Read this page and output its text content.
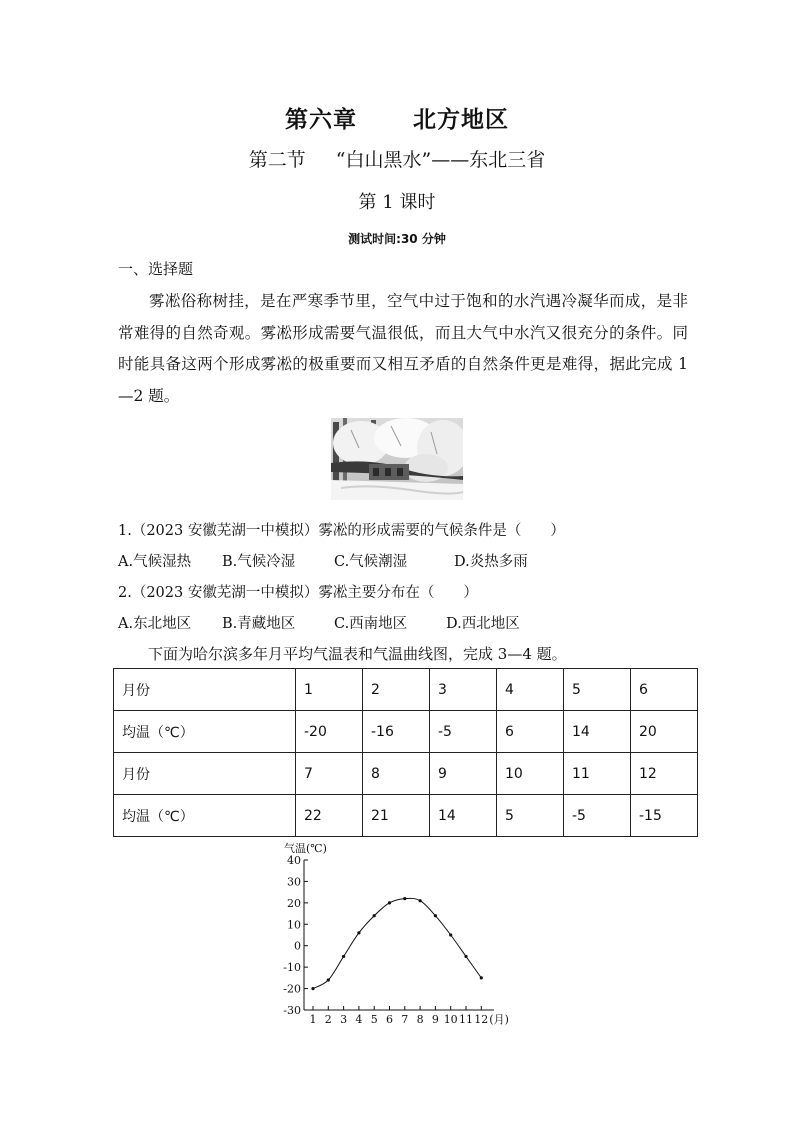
第六章 北方地区
第二节 “白山黑水”——东北三省
第 1 课时
测试时间:30 分钟
一、选择题
雾凇俗称树挂，是在严寒季节里，空气中过于饱和的水汽遇冷凝华而成，是非常难得的自然奇观。雾凇形成需要气温很低，而且大气中水汽又很充分的条件。同时能具备这两个形成雾凇的极重要而又相互矛盾的自然条件更是难得，据此完成 1—2 题。
1.（2023 安徽芜湖一中模拟）雾凇的形成需要的气候条件是（　　）
A.气候湿热 B.气候冷湿	C.气候潮湿	D.炎热多雨
2.（2023 安徽芜湖一中模拟）雾凇主要分布在（　　）
A.东北地区 B.青藏地区	C.西南地区	D.西北地区
下面为哈尔滨多年月平均气温表和气温曲线图，完成 3—4 题。
月份	1	2	3	4	5	6
均温（℃）	-20	-16	-5	6	14	20
月份	7	8	9	10	11	12
均温（℃）	22	21	14	5	-5	-15
40
30
20
10
0
-10
-20
-30
气温(℃)
1 2 3 4 5 6 7 8 9 10 11 12 (月)
